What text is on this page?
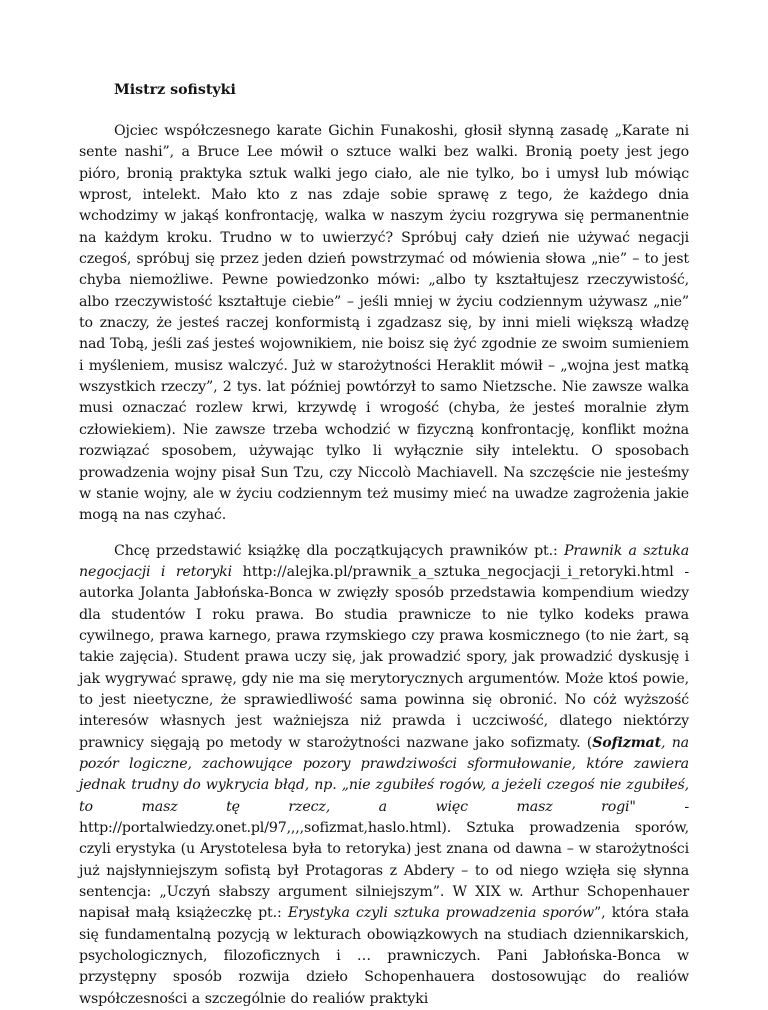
Mistrz sofistyki

Ojciec współczesnego karate Gichin Funakoshi, głosił słynną zasadę „Karate ni sente nashi”, a Bruce Lee mówił o sztuce walki bez walki. Bronią poety jest jego pióro, bronią praktyka sztuk walki jego ciało, ale nie tylko, bo i umysł lub mówiąc wprost, intelekt. Mało kto z nas zdaje sobie sprawę z tego, że każdego dnia wchodzimy w jakąś konfrontację, walka w naszym życiu rozgrywa się permanentnie na każdym kroku. Trudno w to uwierzyć? Spróbuj cały dzień nie używać negacji czegoś, spróbuj się przez jeden dzień powstrzymać od mówienia słowa „nie” – to jest chyba niemożliwe. Pewne powiedzonko mówi: „albo ty kształtujesz rzeczywistość, albo rzeczywistość kształtuje ciebie” – jeśli mniej w życiu codziennym używasz „nie” to znaczy, że jesteś raczej konformistą i zgadzasz się, by inni mieli większą władzę nad Tobą, jeśli zaś jesteś wojownikiem, nie boisz się żyć zgodnie ze swoim sumieniem i myśleniem, musisz walczyć. Już w starożytności Heraklit mówił – „wojna jest matką wszystkich rzeczy”, 2 tys. lat później powtórzył to samo Nietzsche. Nie zawsze walka musi oznaczać rozlew krwi, krzywdę i wrogość (chyba, że jesteś moralnie złym człowiekiem). Nie zawsze trzeba wchodzić w fizyczną konfrontację, konflikt można rozwiązać sposobem, używając tylko li wyłącznie siły intelektu. O sposobach prowadzenia wojny pisał Sun Tzu, czy Niccolò Machiavell. Na szczęście nie jesteśmy w stanie wojny, ale w życiu codziennym też musimy mieć na uwadze zagrożenia jakie mogą na nas czyhać.

Chcę przedstawić książkę dla początkujących prawników pt.: Prawnik a sztuka negocjacji i retoryki http://alejka.pl/prawnik_a_sztuka_negocjacji_i_retoryki.html - autorka Jolanta Jabłońska-Bonca w zwięzły sposób przedstawia kompendium wiedzy dla studentów I roku prawa. Bo studia prawnicze to nie tylko kodeks prawa cywilnego, prawa karnego, prawa rzymskiego czy prawa kosmicznego (to nie żart, są takie zajęcia). Student prawa uczy się, jak prowadzić spory, jak prowadzić dyskusję i jak wygrywać sprawę, gdy nie ma się merytorycznych argumentów. Może ktoś powie, to jest nieetyczne, że sprawiedliwość sama powinna się obronić. No cóż wyższość interesów własnych jest ważniejsza niż prawda i uczciwość, dlatego niektórzy prawnicy sięgają po metody w starożytności nazwane jako sofizmaty. (Sofizmat, na pozór logiczne, zachowujące pozory prawdziwości sformułowanie, które zawiera jednak trudny do wykrycia błąd, np. „nie zgubiłeś rogów, a jeżeli czegoś nie zgubiłeś, to masz tę rzecz, a więc masz rogi" - http://portalwiedzy.onet.pl/97,,,,sofizmat,haslo.html). Sztuka prowadzenia sporów, czyli erystyka (u Arystotelesa była to retoryka) jest znana od dawna – w starożytności już najsłynniejszym sofistą był Protagoras z Abdery – to od niego wzięła się słynna sentencja: „Uczyń słabszy argument silniejszym”. W XIX w. Arthur Schopenhauer napisał małą książeczkę pt.: Erystyka czyli sztuka prowadzenia sporów”, która stała się fundamentalną pozycją w lekturach obowiązkowych na studiach dziennikarskich, psychologicznych, filozoficznych i … prawniczych. Pani Jabłońska-Bonca w przystępny sposób rozwija dzieło Schopenhauera dostosowując do realiów współczesności a szczególnie do realiów praktyki
